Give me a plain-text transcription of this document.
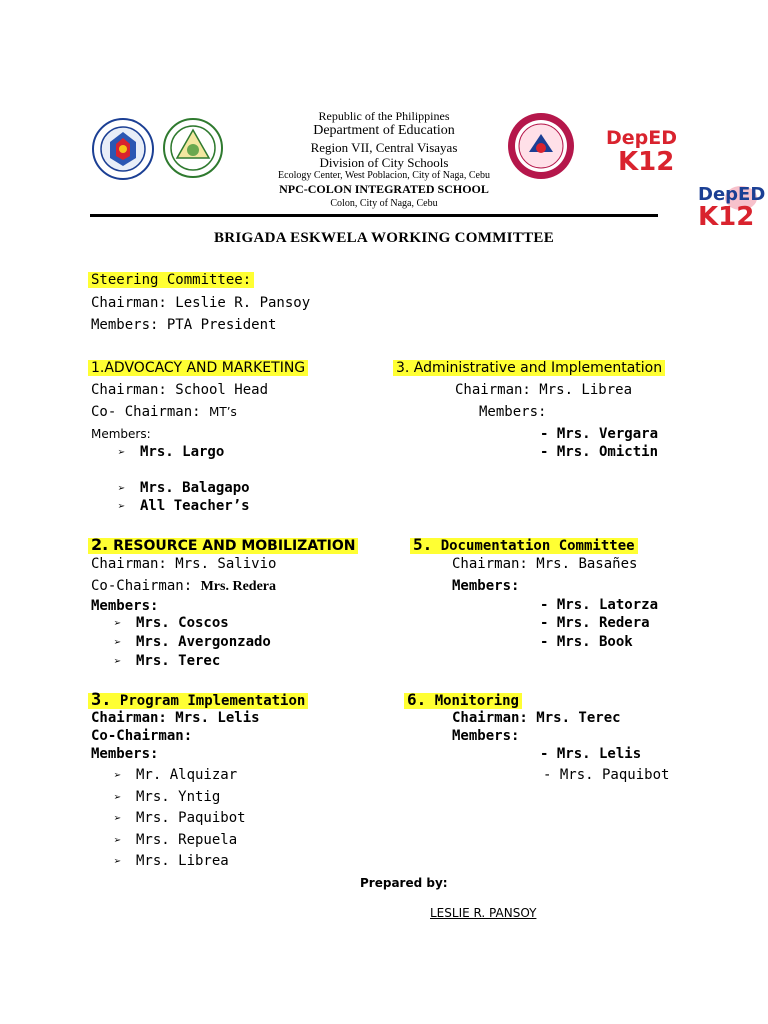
DepED
K12
DepED
K12
Republic of the Philippines
Department of Education
Region VII, Central Visayas
Division of City Schools
Ecology Center, West Poblacion, City of Naga, Cebu
NPC-COLON INTEGRATED SCHOOL
Colon, City of Naga, Cebu
BRIGADA ESKWELA WORKING COMMITTEE
Steering Committee:
Chairman: Leslie R. Pansoy
Members: PTA President
1.ADVOCACY AND MARKETING
Chairman: School Head
Co- Chairman: MT’s
Members:
➢ Mrs. Largo
➢ Mrs. Balagapo
➢ All Teacher’s
3. Administrative and Implementation
Chairman: Mrs. Librea
Members:
- Mrs. Vergara
- Mrs. Omictin
2. RESOURCE AND MOBILIZATION
Chairman: Mrs. Salivio
Co-Chairman: Mrs. Redera
Members:
➢ Mrs. Coscos
➢ Mrs. Avergonzado
➢ Mrs. Terec
5. Documentation Committee
Chairman: Mrs. Basañes
Members:
- Mrs. Latorza
- Mrs. Redera
- Mrs. Book
3. Program Implementation
Chairman: Mrs. Lelis
Co-Chairman:
Members:
➢ Mr. Alquizar
➢ Mrs. Yntig
➢ Mrs. Paquibot
➢ Mrs. Repuela
➢ Mrs. Librea
6. Monitoring
Chairman: Mrs. Terec
Members:
- Mrs. Lelis
- Mrs. Paquibot
Prepared by:
LESLIE R. PANSOY
